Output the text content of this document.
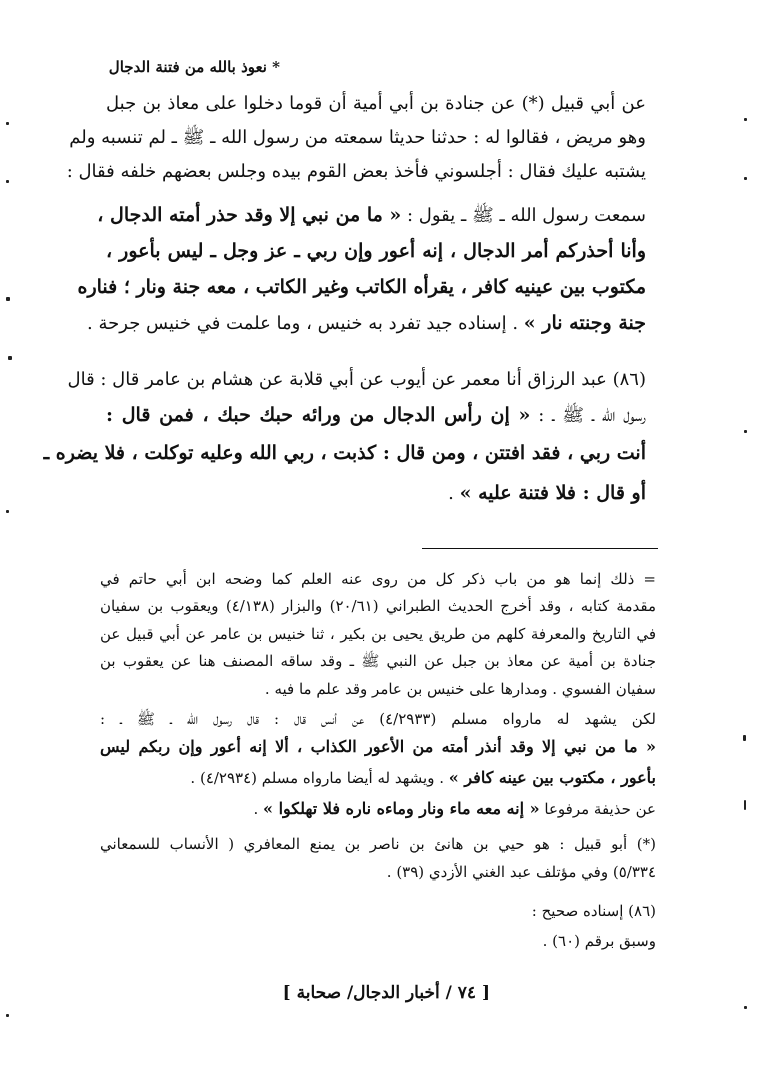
* نعوذ بالله من فتنة الدجال
عن أبي قبيل (*) عن جنادة بن أبي أمية أن قوما دخلوا على معاذ بن جبل
وهو مريض ، فقالوا له : حدثنا حديثا سمعته من رسول الله ـ ﷺ ـ لم تنسبه ولم
يشتبه عليك فقال : أجلسوني فأخذ بعض القوم بيده وجلس بعضهم خلفه فقال :
سمعت رسول الله ـ ﷺ ـ يقول : « ما من نبي إلا وقد حذر أمته الدجال ،
وأنا أحذركم أمر الدجال ، إنه أعور وإن ربي ـ عز وجل ـ ليس بأعور ،
مكتوب بين عينيه كافر ، يقرأه الكاتب وغير الكاتب ، معه جنة ونار ؛ فناره
جنة وجنته نار » . إسناده جيد تفرد به خنيس ، وما علمت في خنيس جرحة .
(٨٦) عبد الرزاق أنا معمر عن أيوب عن أبي قلابة عن هشام بن عامر قال : قال
رسول الله ـ ﷺ ـ : « إن رأس الدجال من ورائه حبك حبك ، فمن قال :
أنت ربي ، فقد افتتن ، ومن قال : كذبت ، ربي الله وعليه توكلت ، فلا يضره ـ
أو قال : فلا فتنة عليه » .
= ذلك إنما هو من باب ذكر كل من روى عنه العلم كما وضحه ابن أبي حاتم في
مقدمة كتابه ، وقد أخرج الحديث الطبراني (٢٠/٦١) والبزار (٤/١٣٨) ويعقوب بن سفيان
في التاريخ والمعرفة كلهم من طريق يحيى بن بكير ، ثنا خنيس بن عامر عن أبي قبيل عن
جنادة بن أمية عن معاذ بن جبل عن النبي ﷺ ـ وقد ساقه المصنف هنا عن يعقوب بن
سفيان الفسوي . ومدارها على خنيس بن عامر وقد علم ما فيه .
لكن يشهد له مارواه مسلم (٤/٢٩٣٣) عن أنس قال : قال رسول الله ـ ﷺ ـ :
« ما من نبي إلا وقد أنذر أمته من الأعور الكذاب ، ألا إنه أعور وإن ربكم ليس
بأعور ، مكتوب بين عينه كافر » . ويشهد له أيضا مارواه مسلم (٤/٢٩٣٤) .
عن حذيفة مرفوعا « إنه معه ماء ونار وماءه ناره فلا تهلكوا » .
(*) أبو قبيل : هو حيي بن هانئ بن ناصر بن يمنع المعافري ( الأنساب للسمعاني
٥/٣٣٤) وفي مؤتلف عبد الغني الأزدي (٣٩) .
(٨٦) إسناده صحيح :
وسبق برقم (٦٠) .
[ ٧٤ / أخبار الدجال/ صحابة ]
